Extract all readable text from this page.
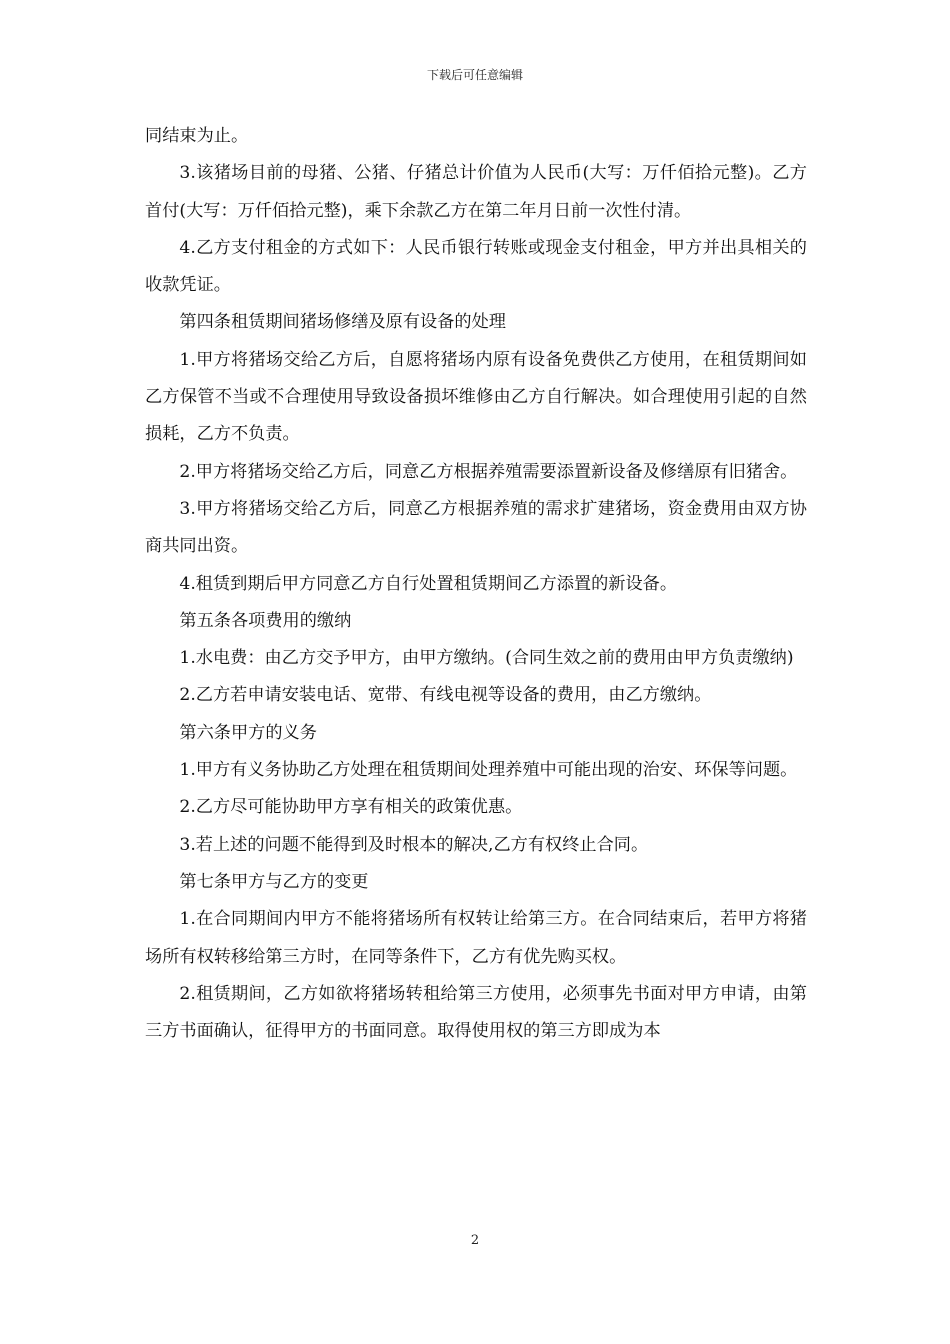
下载后可任意编辑

同结束为止。

3.该猪场目前的母猪、公猪、仔猪总计价值为人民币(大写：万仟佰拾元整)。乙方首付(大写：万仟佰拾元整)，乘下余款乙方在第二年月日前一次性付清。

4.乙方支付租金的方式如下：人民币银行转账或现金支付租金，甲方并出具相关的收款凭证。

第四条租赁期间猪场修缮及原有设备的处理

1.甲方将猪场交给乙方后，自愿将猪场内原有设备免费供乙方使用，在租赁期间如乙方保管不当或不合理使用导致设备损坏维修由乙方自行解决。如合理使用引起的自然损耗，乙方不负责。

2.甲方将猪场交给乙方后，同意乙方根据养殖需要添置新设备及修缮原有旧猪舍。

3.甲方将猪场交给乙方后，同意乙方根据养殖的需求扩建猪场，资金费用由双方协商共同出资。

4.租赁到期后甲方同意乙方自行处置租赁期间乙方添置的新设备。

第五条各项费用的缴纳

1.水电费：由乙方交予甲方，由甲方缴纳。(合同生效之前的费用由甲方负责缴纳)

2.乙方若申请安装电话、宽带、有线电视等设备的费用，由乙方缴纳。

第六条甲方的义务

1.甲方有义务协助乙方处理在租赁期间处理养殖中可能出现的治安、环保等问题。

2.乙方尽可能协助甲方享有相关的政策优惠。

3.若上述的问题不能得到及时根本的解决,乙方有权终止合同。

第七条甲方与乙方的变更

1.在合同期间内甲方不能将猪场所有权转让给第三方。在合同结束后，若甲方将猪场所有权转移给第三方时，在同等条件下，乙方有优先购买权。

2.租赁期间，乙方如欲将猪场转租给第三方使用，必须事先书面对甲方申请，由第三方书面确认，征得甲方的书面同意。取得使用权的第三方即成为本

2
